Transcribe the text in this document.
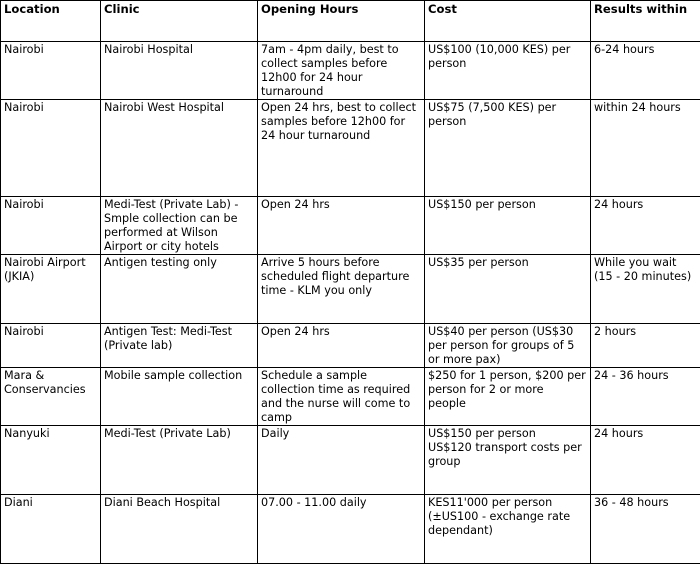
Location	Clinic	Opening Hours	Cost	Results within

Nairobi	Nairobi Hospital	7am - 4pm daily, best to
collect samples before
12h00 for 24 hour
turnaround	US$100 (10,000 KES) per
person	6-24 hours

Nairobi	Nairobi West Hospital	Open 24 hrs, best to collect
samples before 12h00 for
24 hour turnaround	US$75 (7,500 KES) per
person	within 24 hours

Nairobi	Medi-Test (Private Lab) -
Smple collection can be
performed at Wilson
Airport or city hotels	Open 24 hrs	US$150 per person	24 hours

Nairobi Airport
(JKIA)	Antigen testing only	Arrive 5 hours before
scheduled flight departure
time - KLM you only	US$35 per person	While you wait
(15 - 20 minutes)

Nairobi	Antigen Test: Medi-Test
(Private lab)	Open 24 hrs	US$40 per person (US$30
per person for groups of 5
or more pax)	2 hours

Mara &
Conservancies	Mobile sample collection	Schedule a sample
collection time as required
and the nurse will come to
camp	$250 for 1 person, $200 per
person for 2 or more
people	24 - 36 hours

Nanyuki	Medi-Test (Private Lab)	Daily	US$150 per person
US$120 transport costs per
group	24 hours

Diani	Diani Beach Hospital	07.00 - 11.00 daily	KES11'000 per person
(±US100 - exchange rate
dependant)	36 - 48 hours
